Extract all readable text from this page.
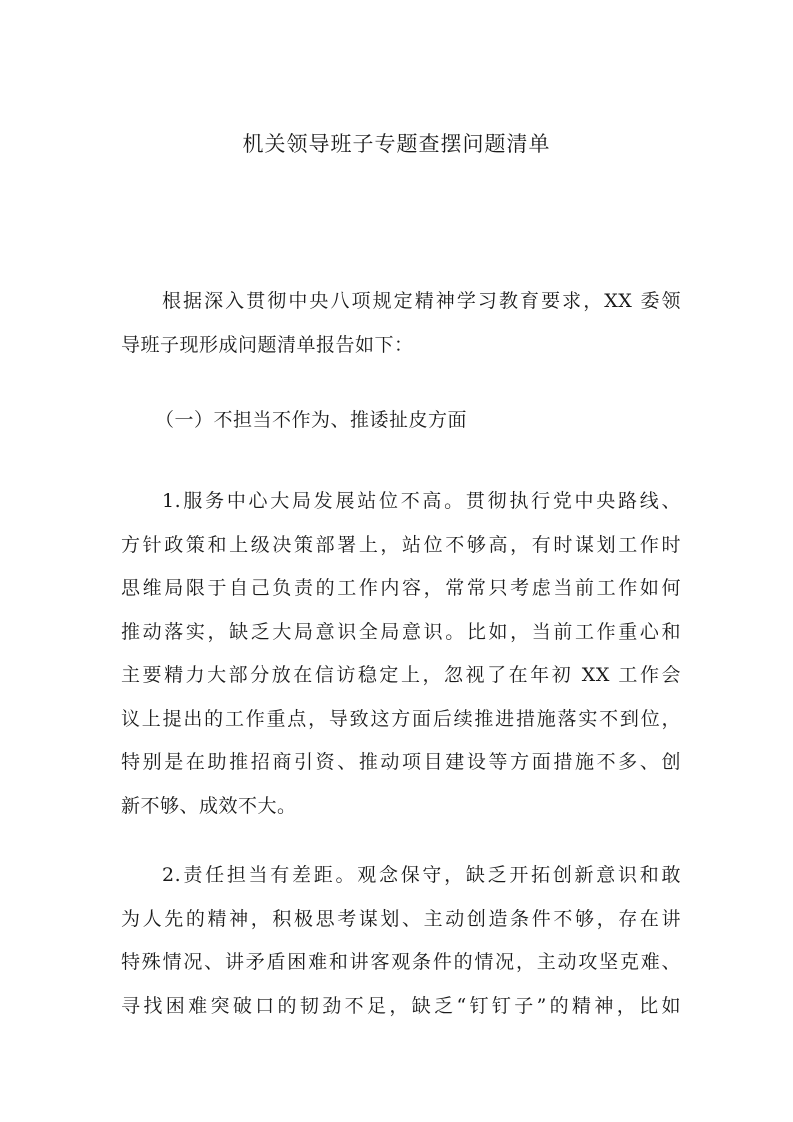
机关领导班子专题查摆问题清单
根据深入贯彻中央八项规定精神学习教育要求，XX 委领
导班子现形成问题清单报告如下：

（一）不担当不作为、推诿扯皮方面

1.服务中心大局发展站位不高。贯彻执行党中央路线、
方针政策和上级决策部署上，站位不够高，有时谋划工作时
思维局限于自己负责的工作内容，常常只考虑当前工作如何
推动落实，缺乏大局意识全局意识。比如，当前工作重心和
主要精力大部分放在信访稳定上，忽视了在年初 XX 工作会
议上提出的工作重点，导致这方面后续推进措施落实不到位，
特别是在助推招商引资、推动项目建设等方面措施不多、创
新不够、成效不大。
2.责任担当有差距。观念保守，缺乏开拓创新意识和敢
为人先的精神，积极思考谋划、主动创造条件不够，存在讲
特殊情况、讲矛盾困难和讲客观条件的情况，主动攻坚克难、
寻找困难突破口的韧劲不足，缺乏“钉钉子”的精神，比如
